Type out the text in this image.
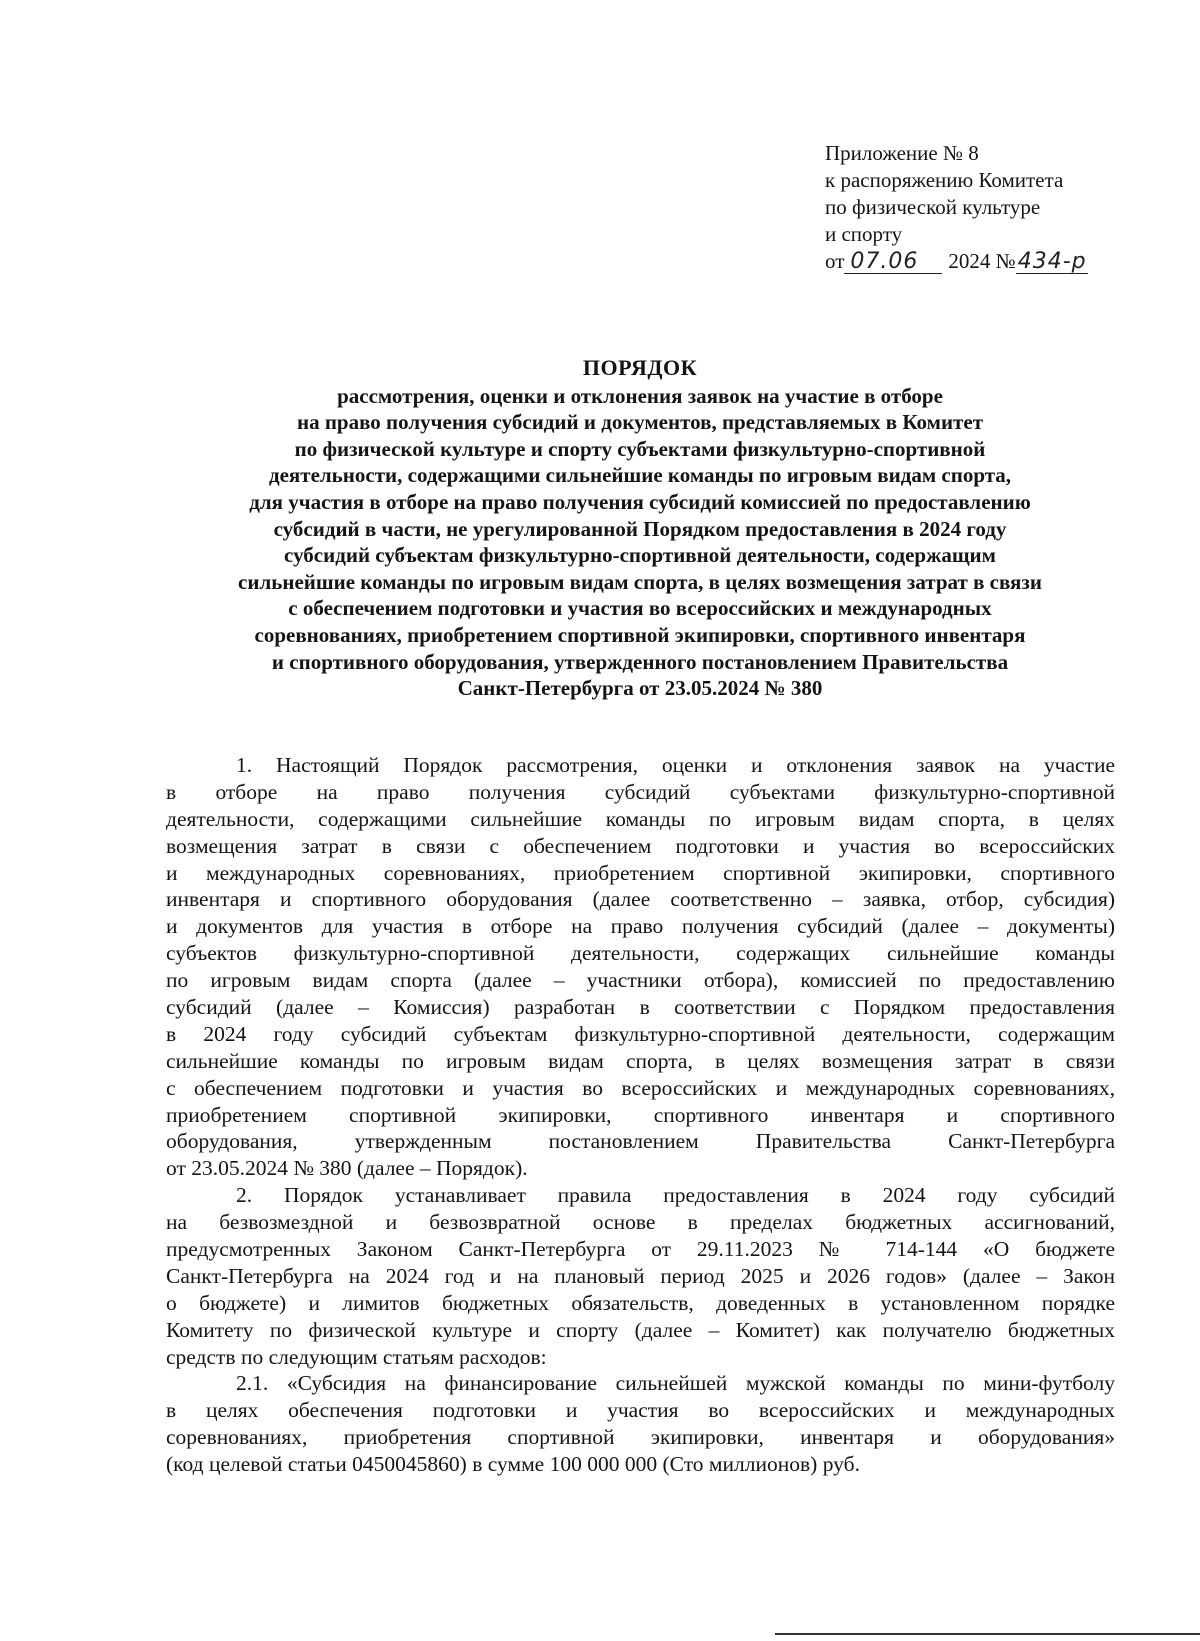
Приложение № 8
к распоряжению Комитета
по физической культуре
и спорту
от 07.06 2024 №434-р
ПОРЯДОК
рассмотрения, оценки и отклонения заявок на участие в отборе
на право получения субсидий и документов, представляемых в Комитет
по физической культуре и спорту субъектами физкультурно-спортивной
деятельности, содержащими сильнейшие команды по игровым видам спорта,
для участия в отборе на право получения субсидий комиссией по предоставлению
субсидий в части, не урегулированной Порядком предоставления в 2024 году
субсидий субъектам физкультурно-спортивной деятельности, содержащим
сильнейшие команды по игровым видам спорта, в целях возмещения затрат в связи
с обеспечением подготовки и участия во всероссийских и международных
соревнованиях, приобретением спортивной экипировки, спортивного инвентаря
и спортивного оборудования, утвержденного постановлением Правительства
Санкт-Петербурга от 23.05.2024 № 380
1. Настоящий Порядок рассмотрения, оценки и отклонения заявок на участие
в отборе на право получения субсидий субъектами физкультурно-спортивной
деятельности, содержащими сильнейшие команды по игровым видам спорта, в целях
возмещения затрат в связи с обеспечением подготовки и участия во всероссийских
и международных соревнованиях, приобретением спортивной экипировки, спортивного
инвентаря и спортивного оборудования (далее соответственно – заявка, отбор, субсидия)
и документов для участия в отборе на право получения субсидий (далее – документы)
субъектов физкультурно-спортивной деятельности, содержащих сильнейшие команды
по игровым видам спорта (далее – участники отбора), комиссией по предоставлению
субсидий (далее – Комиссия) разработан в соответствии с Порядком предоставления
в 2024 году субсидий субъектам физкультурно-спортивной деятельности, содержащим
сильнейшие команды по игровым видам спорта, в целях возмещения затрат в связи
с обеспечением подготовки и участия во всероссийских и международных соревнованиях,
приобретением спортивной экипировки, спортивного инвентаря и спортивного
оборудования, утвержденным постановлением Правительства Санкт-Петербурга
от 23.05.2024 № 380 (далее – Порядок).
2. Порядок устанавливает правила предоставления в 2024 году субсидий
на безвозмездной и безвозвратной основе в пределах бюджетных ассигнований,
предусмотренных Законом Санкт-Петербурга от 29.11.2023 № 714-144 «О бюджете
Санкт-Петербурга на 2024 год и на плановый период 2025 и 2026 годов» (далее – Закон
о бюджете) и лимитов бюджетных обязательств, доведенных в установленном порядке
Комитету по физической культуре и спорту (далее – Комитет) как получателю бюджетных
средств по следующим статьям расходов:
2.1. «Субсидия на финансирование сильнейшей мужской команды по мини-футболу
в целях обеспечения подготовки и участия во всероссийских и международных
соревнованиях, приобретения спортивной экипировки, инвентаря и оборудования»
(код целевой статьи 0450045860) в сумме 100 000 000 (Сто миллионов) руб.
